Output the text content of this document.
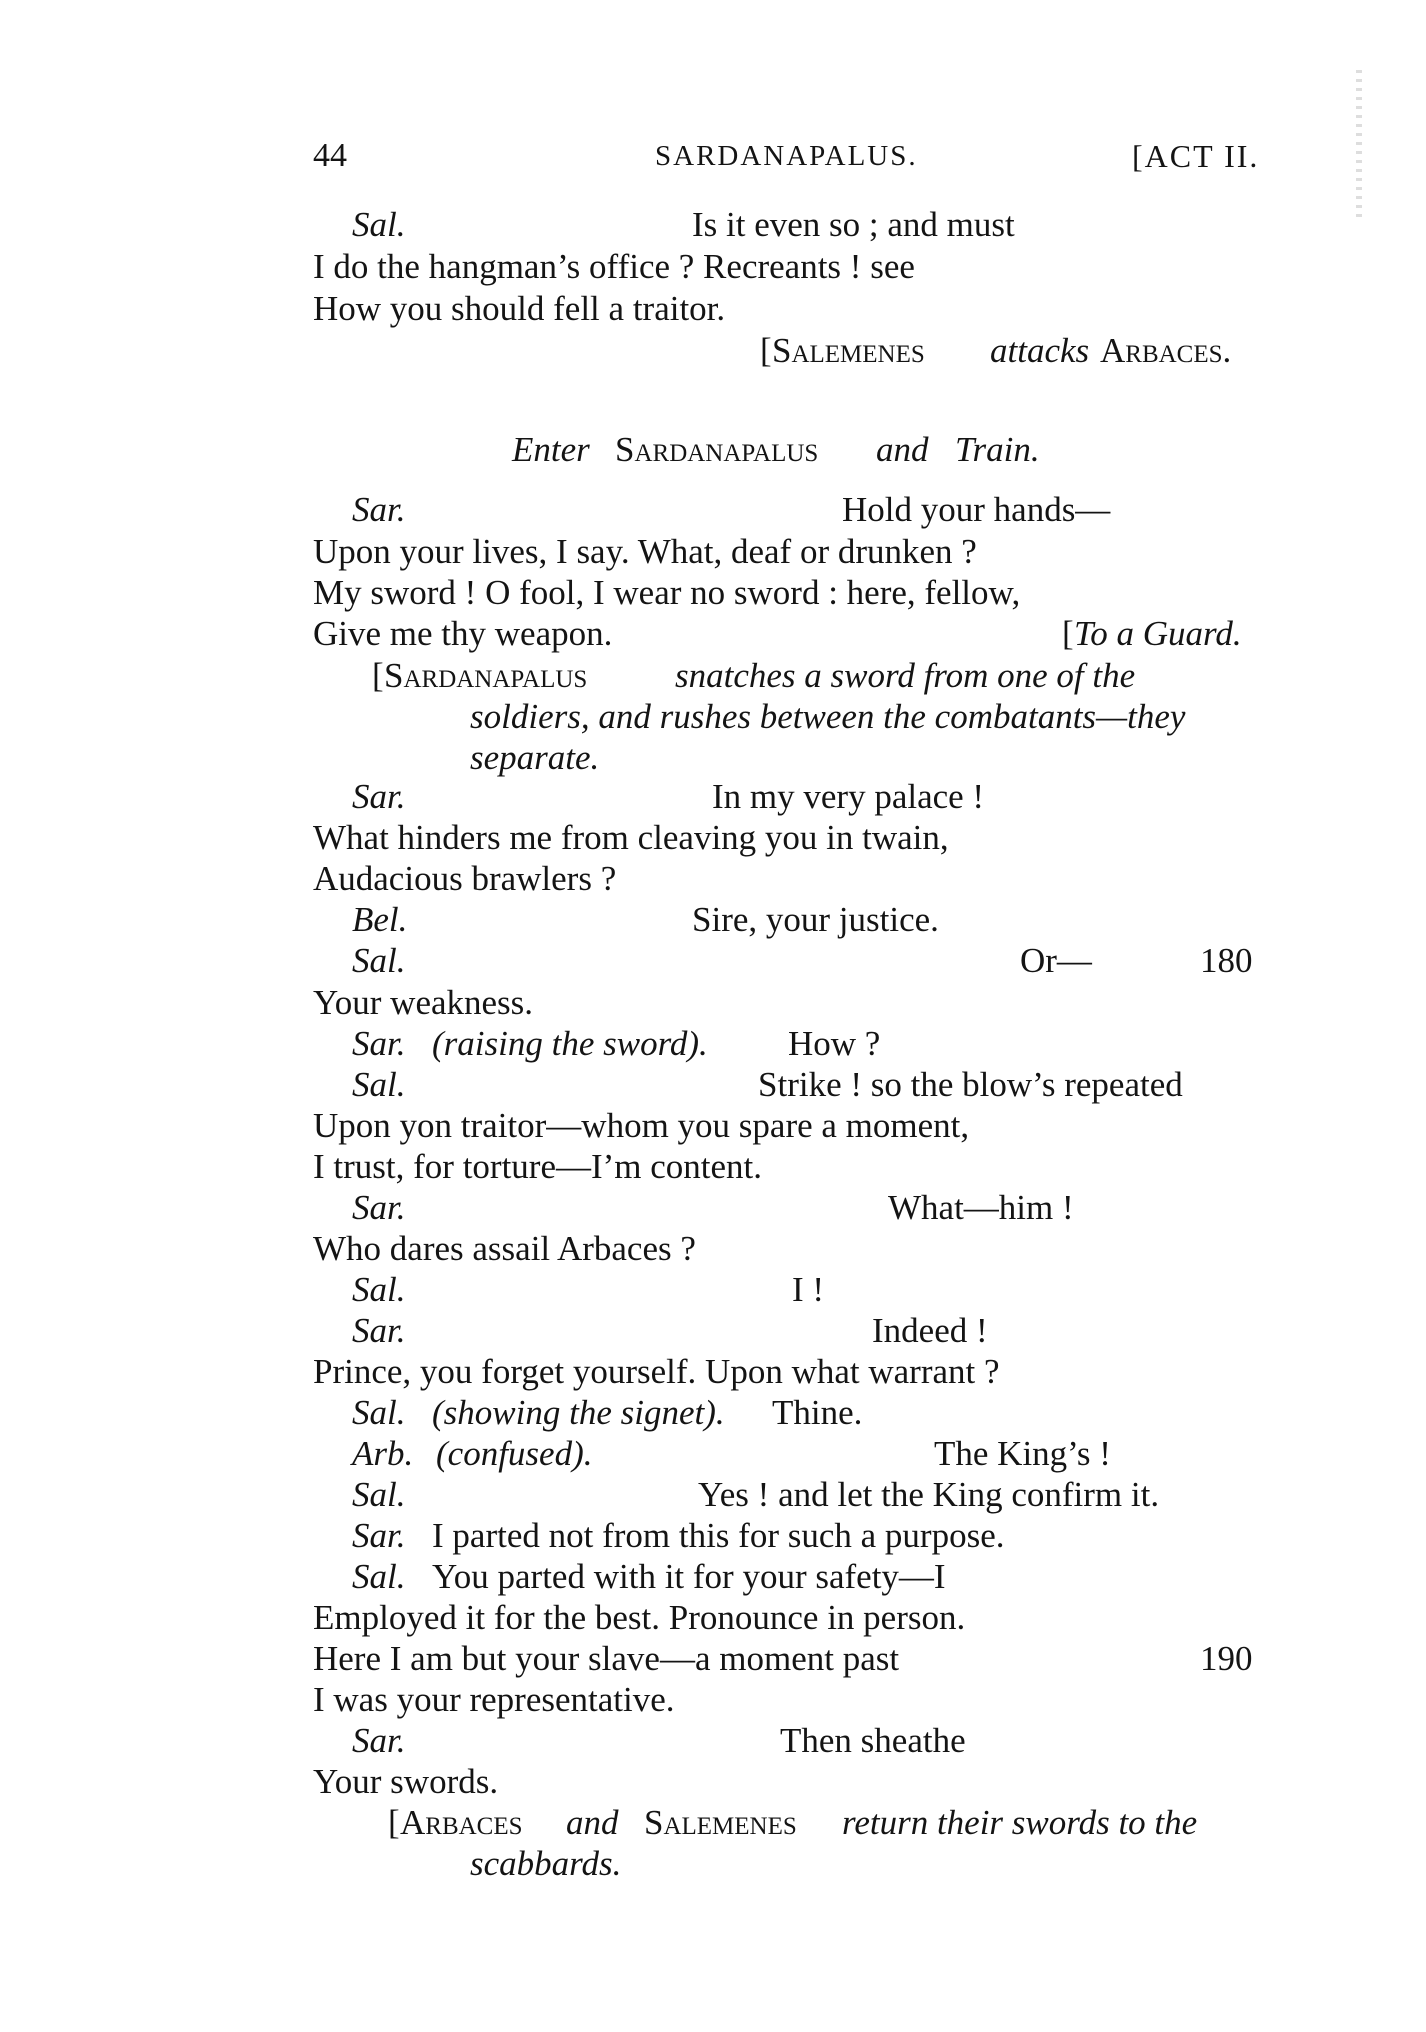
44	SARDANAPALUS.	[ACT II.
Sal.	Is it even so ; and must
I do the hangman’s office ? Recreants ! see
How you should fell a traitor.
[ Salemenes attacks Arbaces.
Enter Sardanapalus and Train.
Sar.	Hold your hands—
Upon your lives, I say. What, deaf or drunken ?
My sword ! O fool, I wear no sword : here, fellow,
Give me thy weapon.	[ To a Guard.
[ Sardanapalus	snatches a sword from one of the
soldiers, and rushes between the combatants—they
separate.
Sar.	In my very palace !
What hinders me from cleaving you in twain,
Audacious brawlers ?
Bel.	Sire, your justice.
Sal.	Or—	180
Your weakness.
Sar. (raising the sword). How ?
Sal.	Strike ! so the blow’s repeated
Upon yon traitor—whom you spare a moment,
I trust, for torture—I’m content.
Sar.	What—him !
Who dares assail Arbaces ?
Sal.	I !
Sar.	Indeed !
Prince, you forget yourself. Upon what warrant ?
Sal. (showing the signet). Thine.
Arb. (confused).	The King’s !
Sal.	Yes ! and let the King confirm it.
Sar. I parted not from this for such a purpose.
Sal. You parted with it for your safety—I
Employed it for the best. Pronounce in person.
Here I am but your slave—a moment past	190
I was your representative.
Sar.	Then sheathe
Your swords.
[ Arbaces and Salemenes return their swords to the
scabbards.
